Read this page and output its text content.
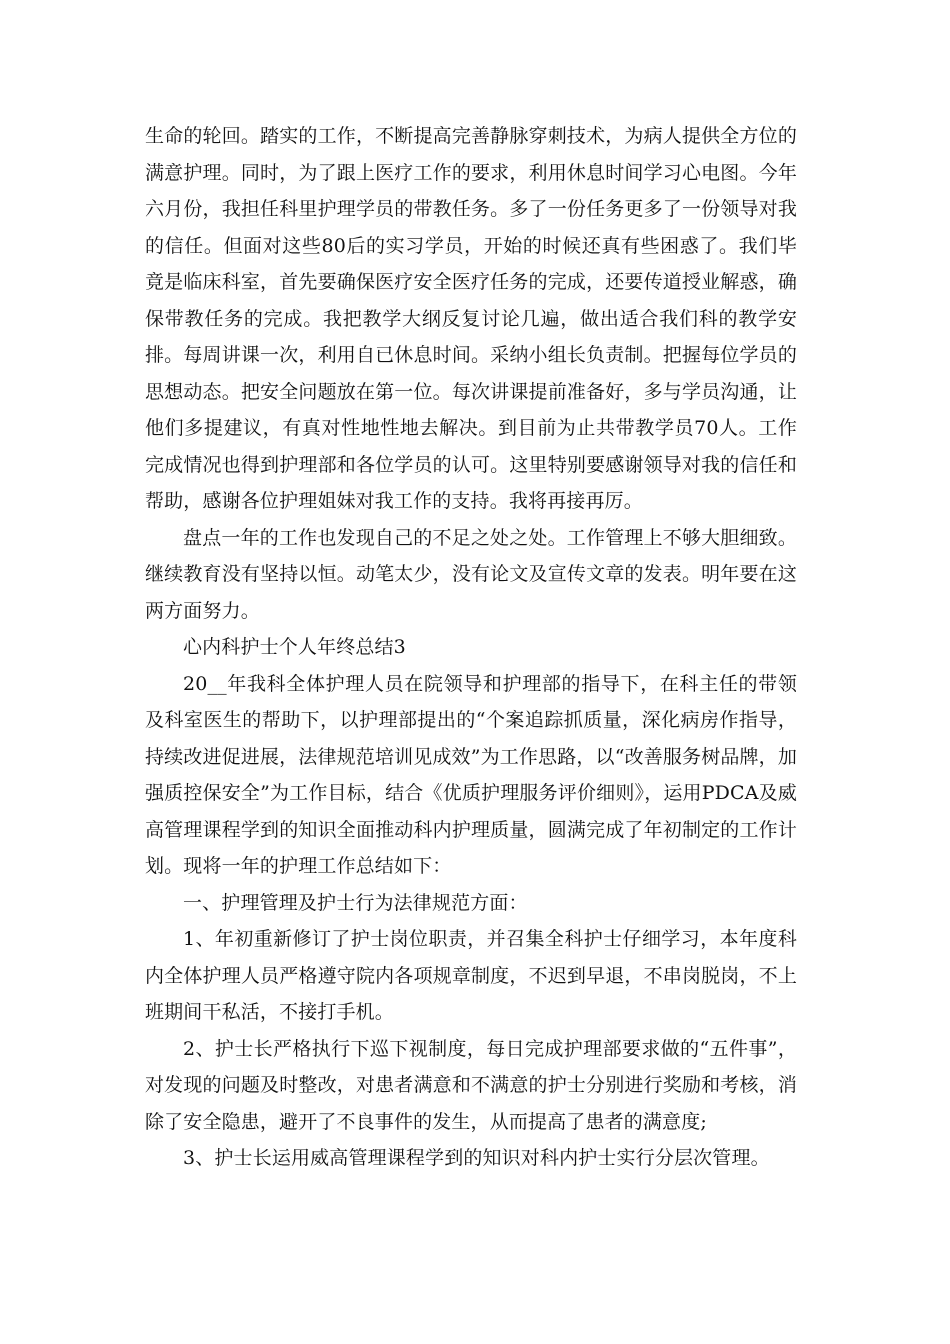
生命的轮回。踏实的工作，不断提高完善静脉穿刺技术，为病人提供全方位的满意护理。同时，为了跟上医疗工作的要求，利用休息时间学习心电图。今年六月份，我担任科里护理学员的带教任务。多了一份任务更多了一份领导对我的信任。但面对这些80后的实习学员，开始的时候还真有些困惑了。我们毕竟是临床科室，首先要确保医疗安全医疗任务的完成，还要传道授业解惑，确保带教任务的完成。我把教学大纲反复讨论几遍，做出适合我们科的教学安排。每周讲课一次，利用自已休息时间。采纳小组长负责制。把握每位学员的思想动态。把安全问题放在第一位。每次讲课提前准备好，多与学员沟通，让他们多提建议，有真对性地性地去解决。到目前为止共带教学员70人。工作完成情况也得到护理部和各位学员的认可。这里特别要感谢领导对我的信任和帮助，感谢各位护理姐妹对我工作的支持。我将再接再厉。

盘点一年的工作也发现自己的不足之处之处。工作管理上不够大胆细致。继续教育没有坚持以恒。动笔太少，没有论文及宣传文章的发表。明年要在这两方面努力。

心内科护士个人年终总结3

20__年我科全体护理人员在院领导和护理部的指导下，在科主任的带领及科室医生的帮助下，以护理部提出的“个案追踪抓质量，深化病房作指导，持续改进促进展，法律规范培训见成效”为工作思路，以“改善服务树品牌，加强质控保安全”为工作目标，结合《优质护理服务评价细则》，运用PDCA及威高管理课程学到的知识全面推动科内护理质量，圆满完成了年初制定的工作计划。现将一年的护理工作总结如下：

一、护理管理及护士行为法律规范方面：

1、年初重新修订了护士岗位职责，并召集全科护士仔细学习，本年度科内全体护理人员严格遵守院内各项规章制度，不迟到早退，不串岗脱岗，不上班期间干私活，不接打手机。

2、护士长严格执行下巡下视制度，每日完成护理部要求做的“五件事”，对发现的问题及时整改，对患者满意和不满意的护士分别进行奖励和考核，消除了安全隐患，避开了不良事件的发生，从而提高了患者的满意度;

3、护士长运用威高管理课程学到的知识对科内护士实行分层次管理。
